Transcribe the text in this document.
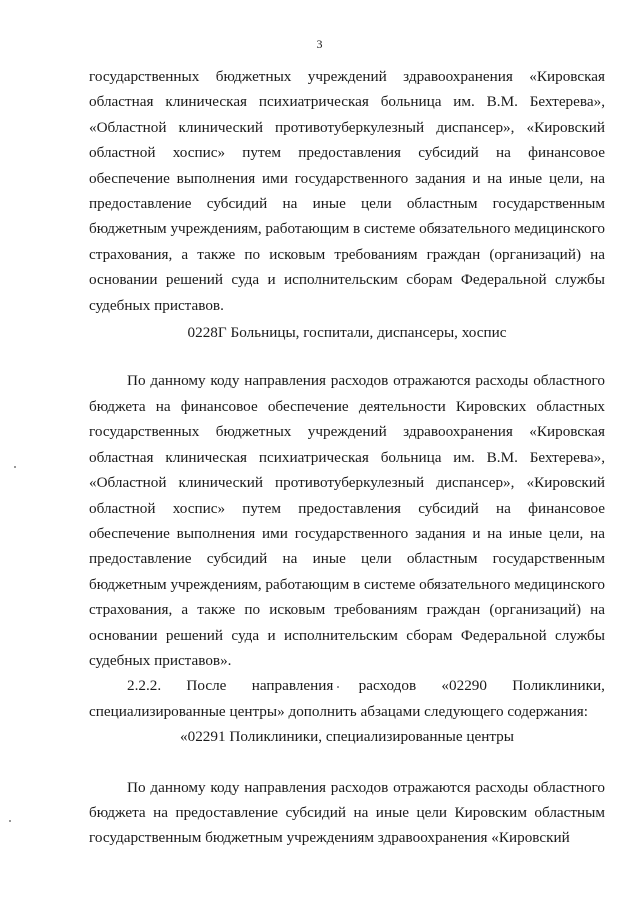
3

государственных бюджетных учреждений здравоохранения «Кировская областная клиническая психиатрическая больница им. В.М. Бехтерева», «Областной клинический противотуберкулезный диспансер», «Кировский областной хоспис» путем предоставления субсидий на финансовое обеспечение выполнения ими государственного задания и на иные цели, на предоставление субсидий на иные цели областным государственным бюджетным учреждениям, работающим в системе обязательного медицинского страхования, а также по исковым требованиям граждан (организаций) на основании решений суда и исполнительским сборам Федеральной службы судебных приставов.

0228Г Больницы, госпитали, диспансеры, хоспис

По данному коду направления расходов отражаются расходы областного бюджета на финансовое обеспечение деятельности Кировских областных государственных бюджетных учреждений здравоохранения «Кировская областная клиническая психиатрическая больница им. В.М. Бехтерева», «Областной клинический противотуберкулезный диспансер», «Кировский областной хоспис» путем предоставления субсидий на финансовое обеспечение выполнения ими государственного задания и на иные цели, на предоставление субсидий на иные цели областным государственным бюджетным учреждениям, работающим в системе обязательного медицинского страхования, а также по исковым требованиям граждан (организаций) на основании решений суда и исполнительским сборам Федеральной службы судебных приставов».

2.2.2. После направления расходов «02290 Поликлиники,

специализированные центры» дополнить абзацами следующего содержания:

«02291 Поликлиники, специализированные центры

По данному коду направления расходов отражаются расходы областного бюджета на предоставление субсидий на иные цели Кировским областным государственным бюджетным учреждениям здравоохранения «Кировский
